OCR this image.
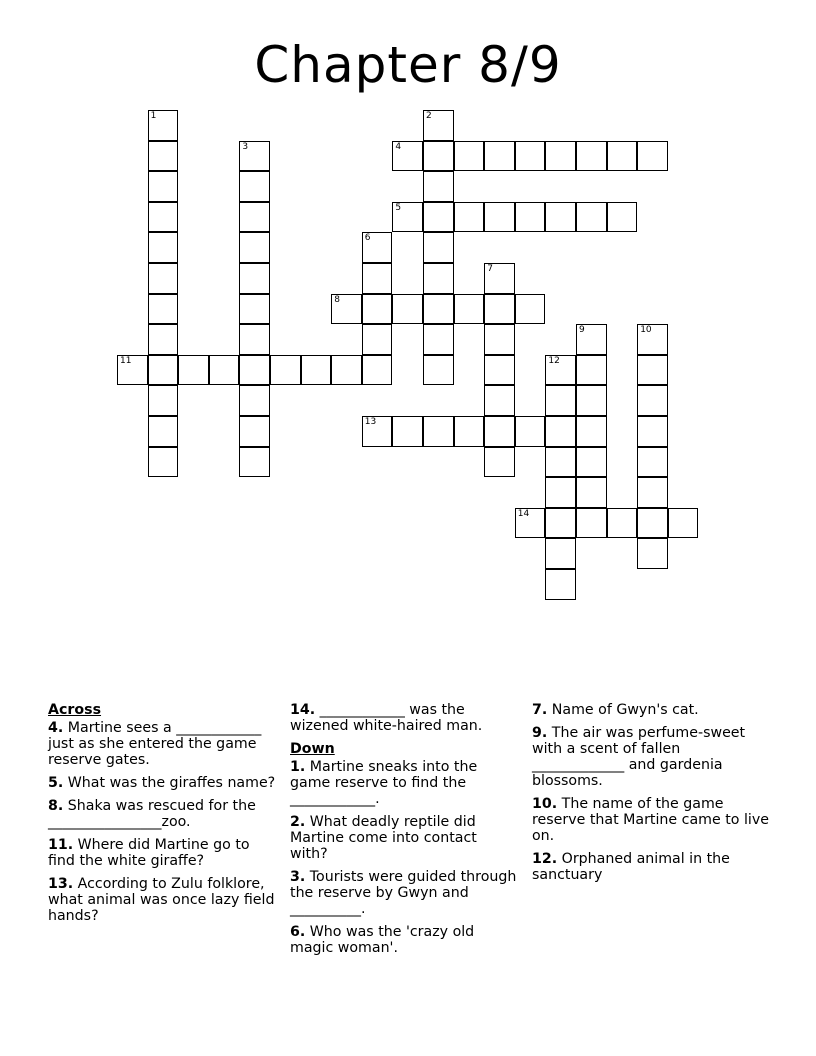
Chapter 8/9
1	2
3	4
5
6
7
8
9	10
11	12
13
14
Across
4. Martine sees a ____________ just as she entered the game reserve gates.
5. What was the giraffes name?
8. Shaka was rescued for the ________________zoo.
11. Where did Martine go to find the white giraffe?
13. According to Zulu folklore, what animal was once lazy field hands?
14. ____________ was the wizened white-haired man.
Down
1. Martine sneaks into the game reserve to find the ____________.
2. What deadly reptile did Martine come into contact with?
3. Tourists were guided through the reserve by Gwyn and __________.
6. Who was the 'crazy old magic woman'.
7. Name of Gwyn's cat.
9. The air was perfume-sweet with a scent of fallen _____________ and gardenia blossoms.
10. The name of the game reserve that Martine came to live on.
12. Orphaned animal in the sanctuary
